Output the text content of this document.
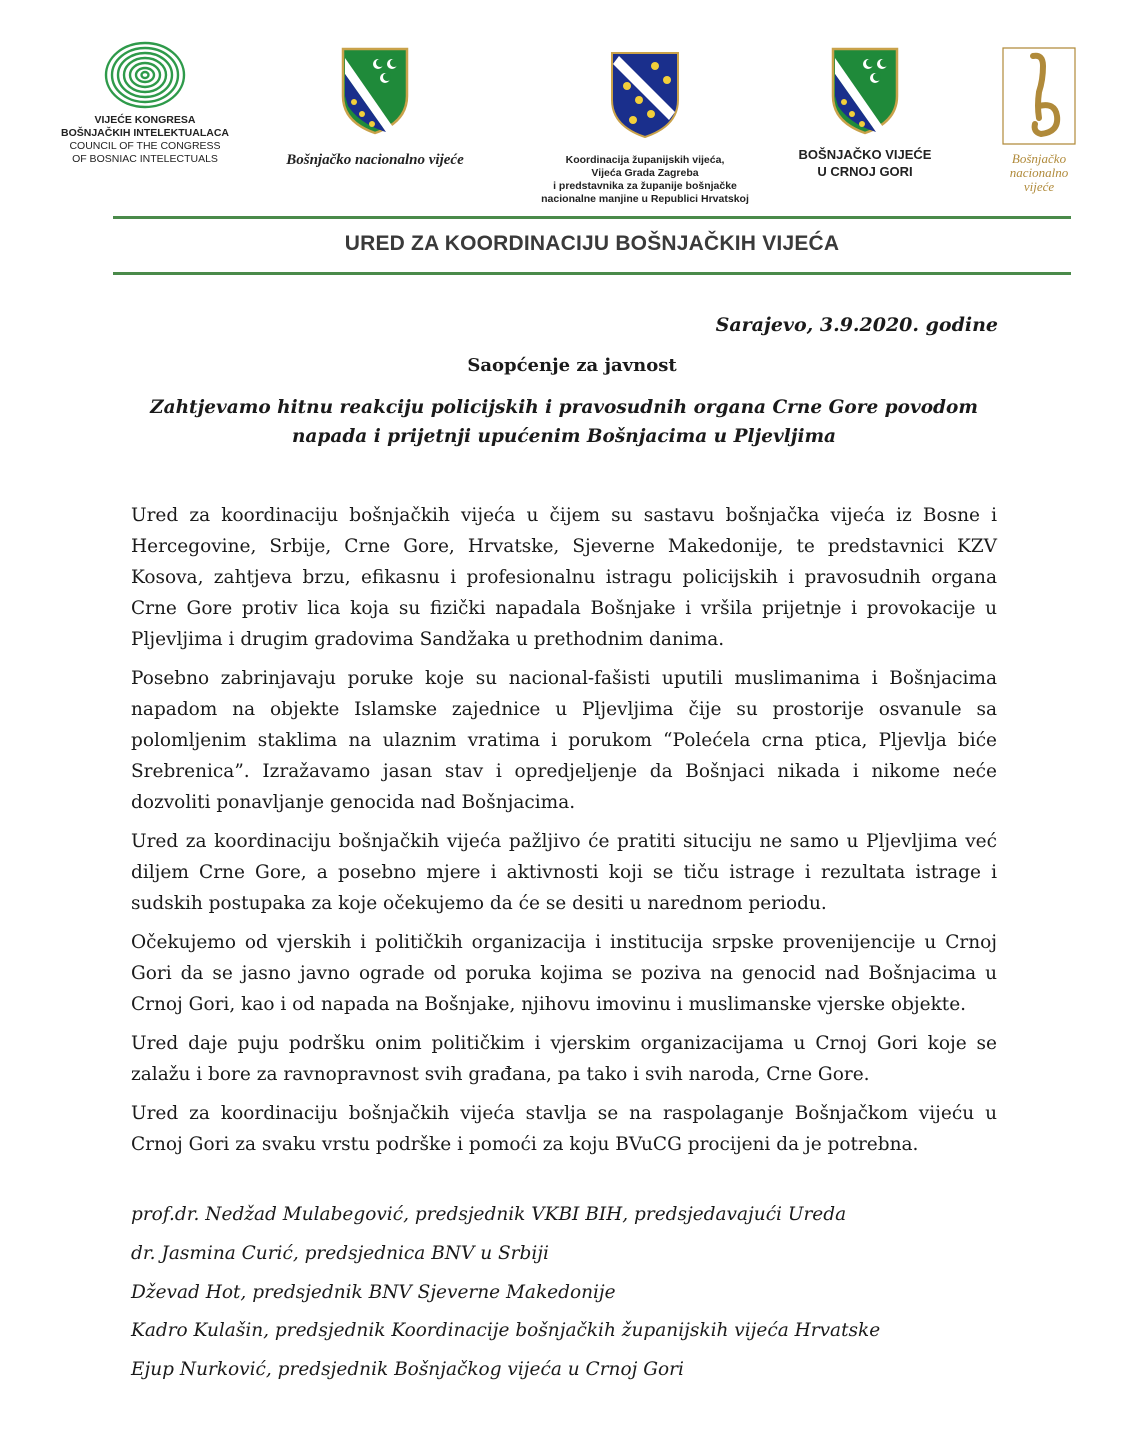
VIJEĆE KONGRESA
BOŠNJAČKIH INTELEKTUALACA
COUNCIL OF THE CONGRESS
OF BOSNIAC INTELECTUALS	Bošnjačko nacionalno vijeće	Koordinacija županijskih vijeća,
Vijeća Grada Zagreba
i predstavnika za županije bošnjačke
nacionalne manjine u Republici Hrvatskoj
BOŠNJAČKO VIJEĆE
U CRNOJ GORI
Bošnjačko
nacionalno
vijeće
URED ZA KOORDINACIJU BOŠNJAČKIH VIJEĆA
Sarajevo, 3.9.2020. godine
Saopćenje za javnost
Zahtjevamo hitnu reakciju policijskih i pravosudnih organa Crne Gore povodom
napada i prijetnji upućenim Bošnjacima u Pljevljima

Ured za koordinaciju bošnjačkih vijeća u čijem su sastavu bošnjačka vijeća iz Bosne i Hercegovine, Srbije, Crne Gore, Hrvatske, Sjeverne Makedonije, te predstavnici KZV Kosova, zahtjeva brzu, efikasnu i profesionalnu istragu policijskih i pravosudnih organa Crne Gore protiv lica koja su fizički napadala Bošnjake i vršila prijetnje i provokacije u Pljevljima i drugim gradovima Sandžaka u prethodnim danima.

Posebno zabrinjavaju poruke koje su nacional-fašisti uputili muslimanima i Bošnjacima napadom na objekte Islamske zajednice u Pljevljima čije su prostorije osvanule sa polomljenim staklima na ulaznim vratima i porukom “Polećela crna ptica, Pljevlja biće Srebrenica”. Izražavamo jasan stav i opredjeljenje da Bošnjaci nikada i nikome neće dozvoliti ponavljanje genocida nad Bošnjacima.

Ured za koordinaciju bošnjačkih vijeća pažljivo će pratiti situciju ne samo u Pljevljima već diljem Crne Gore, a posebno mjere i aktivnosti koji se tiču istrage i rezultata istrage i sudskih postupaka za koje očekujemo da će se desiti u narednom periodu.

Očekujemo od vjerskih i političkih organizacija i institucija srpske provenijencije u Crnoj Gori da se jasno javno ograde od poruka kojima se poziva na genocid nad Bošnjacima u Crnoj Gori, kao i od napada na Bošnjake, njihovu imovinu i muslimanske vjerske objekte.

Ured daje puju podršku onim političkim i vjerskim organizacijama u Crnoj Gori koje se zalažu i bore za ravnopravnost svih građana, pa tako i svih naroda, Crne Gore.

Ured za koordinaciju bošnjačkih vijeća stavlja se na raspolaganje Bošnjačkom vijeću u Crnoj Gori za svaku vrstu podrške i pomoći za koju BVuCG procijeni da je potrebna.

prof.dr. Nedžad Mulabegović, predsjednik VKBI BIH, predsjedavajući Ureda
dr. Jasmina Curić, predsjednica BNV u Srbiji
Dževad Hot, predsjednik BNV Sjeverne Makedonije
Kadro Kulašin, predsjednik Koordinacije bošnjačkih županijskih vijeća Hrvatske
Ejup Nurković, predsjednik Bošnjačkog vijeća u Crnoj Gori
